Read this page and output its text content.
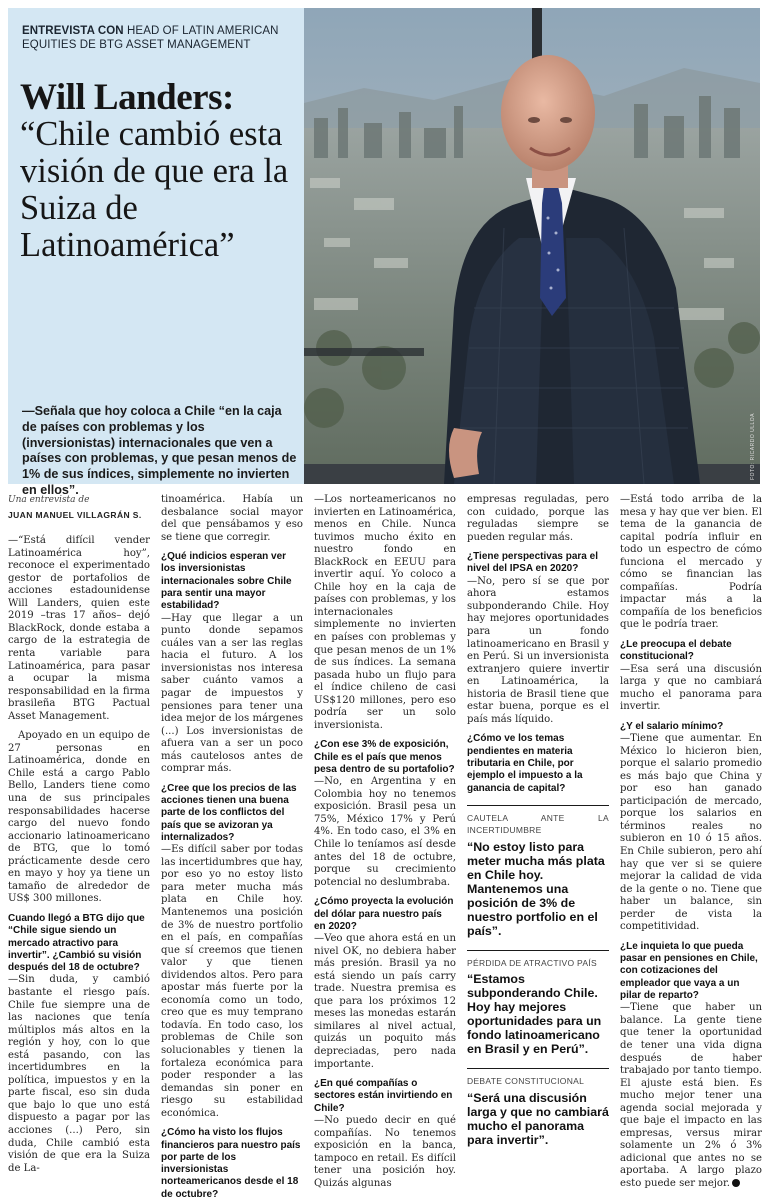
ENTREVISTA CON HEAD OF LATIN AMERICAN EQUITIES DE BTG ASSET MANAGEMENT
Will Landers:
“Chile cambió esta visión de que era la Suiza de Latinoamérica”
—Señala que hoy coloca a Chile “en la caja de países con problemas y los (inversionistas) internacionales que ven a países con problemas, y que pesan menos de 1% de sus índices, simplemente no invierten en ellos”.
FOTO: RICARDO ULLOA

Una entrevista de

JUAN MANUEL VILLAGRÁN S.

—“Está difícil vender Latinoamérica hoy”, reconoce el experimentado gestor de portafolios de acciones estadounidense Will Landers, quien este 2019 –tras 17 años– dejó BlackRock, donde estaba a cargo de la estrategia de renta variable para Latinoamérica, para pasar a ocupar la misma responsabilidad en la firma brasileña BTG Pactual Asset Management.

Apoyado en un equipo de 27 personas en Latinoamérica, donde en Chile está a cargo Pablo Bello, Landers tiene como una de sus principales responsabilidades hacerse cargo del nuevo fondo accionario latinoamericano de BTG, que lo tomó prácticamente desde cero en mayo y hoy ya tiene un tamaño de alrededor de US$ 300 millones.

Cuando llegó a BTG dijo que “Chile sigue siendo un mercado atractivo para invertir”. ¿Cambió su visión después del 18 de octubre?

—Sin duda, y cambió bastante el riesgo país. Chile fue siempre una de las naciones que tenía múltiplos más altos en la región y hoy, con lo que está pasando, con las incertidumbres en la política, impuestos y en la parte fiscal, eso sin duda que bajo lo que uno está dispuesto a pagar por las acciones (...) Pero, sin duda, Chile cambió esta visión de que era la Suiza de La-

tinoamérica. Había un desbalance social mayor del que pensábamos y eso se tiene que corregir.

¿Qué indicios esperan ver los inversionistas internacionales sobre Chile para sentir una mayor estabilidad?

—Hay que llegar a un punto donde sepamos cuáles van a ser las reglas hacia el futuro. A los inversionistas nos interesa saber cuánto vamos a pagar de impuestos y pensiones para tener una idea mejor de los márgenes (...) Los inversionistas de afuera van a ser un poco más cautelosos antes de comprar más.

¿Cree que los precios de las acciones tienen una buena parte de los conflictos del país que se avizoran ya internalizados?

—Es difícil saber por todas las incertidumbres que hay, por eso yo no estoy listo para meter mucha más plata en Chile hoy. Mantenemos una posición de 3% de nuestro portfolio en el país, en compañías que sí creemos que tienen valor y que tienen dividendos altos. Pero para apostar más fuerte por la economía como un todo, creo que es muy temprano todavía. En todo caso, los problemas de Chile son solucionables y tienen la fortaleza económica para poder responder a las demandas sin poner en riesgo su estabilidad económica.

¿Cómo ha visto los flujos financieros para nuestro país por parte de los inversionistas norteamericanos desde el 18 de octubre?

—Los norteamericanos no invierten en Latinoamérica, menos en Chile. Nunca tuvimos mucho éxito en nuestro fondo en BlackRock en EEUU para invertir aquí. Yo coloco a Chile hoy en la caja de países con problemas, y los internacionales simplemente no invierten en países con problemas y que pesan menos de un 1% de sus índices. La semana pasada hubo un flujo para el índice chileno de casi US$120 millones, pero eso podría ser un solo inversionista.

¿Con ese 3% de exposición, Chile es el país que menos pesa dentro de su portafolio?

—No, en Argentina y en Colombia hoy no tenemos exposición. Brasil pesa un 75%, México 17% y Perú 4%. En todo caso, el 3% en Chile lo teníamos así desde antes del 18 de octubre, porque su crecimiento potencial no deslumbraba.

¿Cómo proyecta la evolución del dólar para nuestro país en 2020?

—Veo que ahora está en un nivel OK, no debiera haber más presión. Brasil ya no está siendo un país carry trade. Nuestra premisa es que para los próximos 12 meses las monedas estarán similares al nivel actual, quizás un poquito más depreciadas, pero nada importante.

¿En qué compañías o sectores están invirtiendo en Chile?

—No puedo decir en qué compañías. No tenemos exposición en la banca, tampoco en retail. Es difícil tener una posición hoy. Quizás algunas

empresas reguladas, pero con cuidado, porque las reguladas siempre se pueden regular más.

¿Tiene perspectivas para el nivel del IPSA en 2020?

—No, pero sí se que por ahora estamos subponderando Chile. Hoy hay mejores oportunidades para un fondo latinoamericano en Brasil y en Perú. Si un inversionista extranjero quiere invertir en Latinoamérica, la historia de Brasil tiene que estar buena, porque es el país más líquido.

¿Cómo ve los temas pendientes en materia tributaria en Chile, por ejemplo el impuesto a la ganancia de capital?

CAUTELA ANTE LA INCERTIDUMBRE
“No estoy listo para meter mucha más plata en Chile hoy. Mantenemos una posición de 3% de nuestro portfolio en el país”.
PÉRDIDA DE ATRACTIVO PAÍS
“Estamos subponderando Chile. Hoy hay mejores oportunidades para un fondo latinoamericano en Brasil y en Perú”.
DEBATE CONSTITUCIONAL
“Será una discusión larga y que no cambiará mucho el panorama para invertir”.

—Está todo arriba de la mesa y hay que ver bien. El tema de la ganancia de capital podría influir en todo un espectro de cómo funciona el mercado y cómo se financian las compañías. Podría impactar más a la compañía de los beneficios que le podría traer.

¿Le preocupa el debate constitucional?

—Esa será una discusión larga y que no cambiará mucho el panorama para invertir.

¿Y el salario mínimo?

—Tiene que aumentar. En México lo hicieron bien, porque el salario promedio es más bajo que China y por eso han ganado participación de mercado, porque los salarios en términos reales no subieron en 10 ó 15 años. En Chile subieron, pero ahí hay que ver si se quiere mejorar la calidad de vida de la gente o no. Tiene que haber un balance, sin perder de vista la competitividad.

¿Le inquieta lo que pueda pasar en pensiones en Chile, con cotizaciones del empleador que vaya a un pilar de reparto?

—Tiene que haber un balance. La gente tiene que tener la oportunidad de tener una vida digna después de haber trabajado por tanto tiempo. El ajuste está bien. Es mucho mejor tener una agenda social mejorada y que baje el impacto en las empresas, versus mirar solamente un 2% ó 3% adicional que antes no se aportaba. A largo plazo esto puede ser mejor.
